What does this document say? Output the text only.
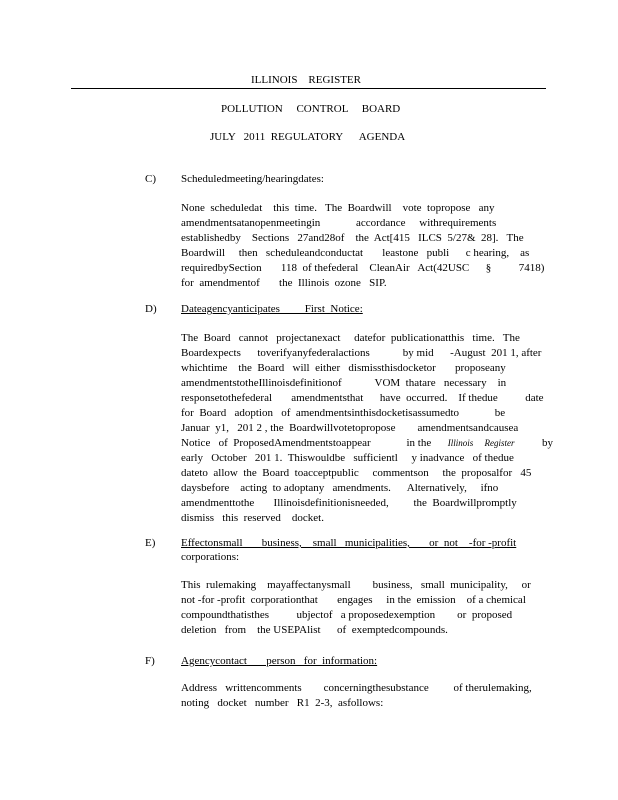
ILLINOIS    REGISTER
POLLUTION     CONTROL     BOARD
JULY   2011  REGULATORY      AGENDA
C) Scheduledmeeting/hearingdates:
None  scheduledat    this  time.   The  Boardwill    vote  topropose   any
amendmentsatanopenmeetingin             accordance     withrequirements
establishedby    Sections   27and28of    the  Act[415   ILCS  5/27&  28].   The
Boardwill     then   scheduleandconductat       leastone   publi      c hearing,    as
requiredbySection       118  of thefederal    CleanAir   Act(42USC      §          7418)
for  amendmentof       the  Illinois  ozone   SIP.
D) Dateagencyanticipates         First  Notice:
The  Board   cannot   projectanexact     datefor  publicationatthis   time.   The
Boardexpects      toverifyanyfederalactions            by mid      -August  201 1, after
whichtime    the  Board   will  either   dismissthisdocketor       proposeany
amendmentstotheIllinoisdefinitionof            VOM  thatare   necessary    in
responsetothefederal       amendmentsthat      have  occurred.    If thedue          date
for  Board   adoption   of  amendmentsinthisdocketisassumedto             be
Januar  y1,   201 2 , the  Boardwillvotetopropose        amendmentsandcausea
Notice   of  ProposedAmendmentstoappear             in the Illinois     Register	by
early   October   201 1.  Thiswouldbe   sufficientl     y inadvance   of thedue
dateto  allow  the  Board  toacceptpublic     commentson     the  proposalfor   45
daysbefore    acting  to adoptany   amendments.      Alternatively,     ifno
amendmenttothe       Illinoisdefinitionisneeded,         the  Boardwillpromptly
dismiss   this  reserved    docket.
E) Effectonsmall       business,    small   municipalities,       or  not    -for -profit
corporations:
This  rulemaking    mayaffectanysmall        business,   small  municipality,     or
not -for -profit  corporationthat       engages     in the  emission    of a chemical
compoundthatisthes          ubjectof   a proposedexemption        or  proposed
deletion   from    the USEPAlist      of  exemptedcompounds.
F) Agencycontact       person   for  information:
Address   writtencomments        concerningthesubstance         of therulemaking,
noting   docket   number   R1  2-3,  asfollows:
